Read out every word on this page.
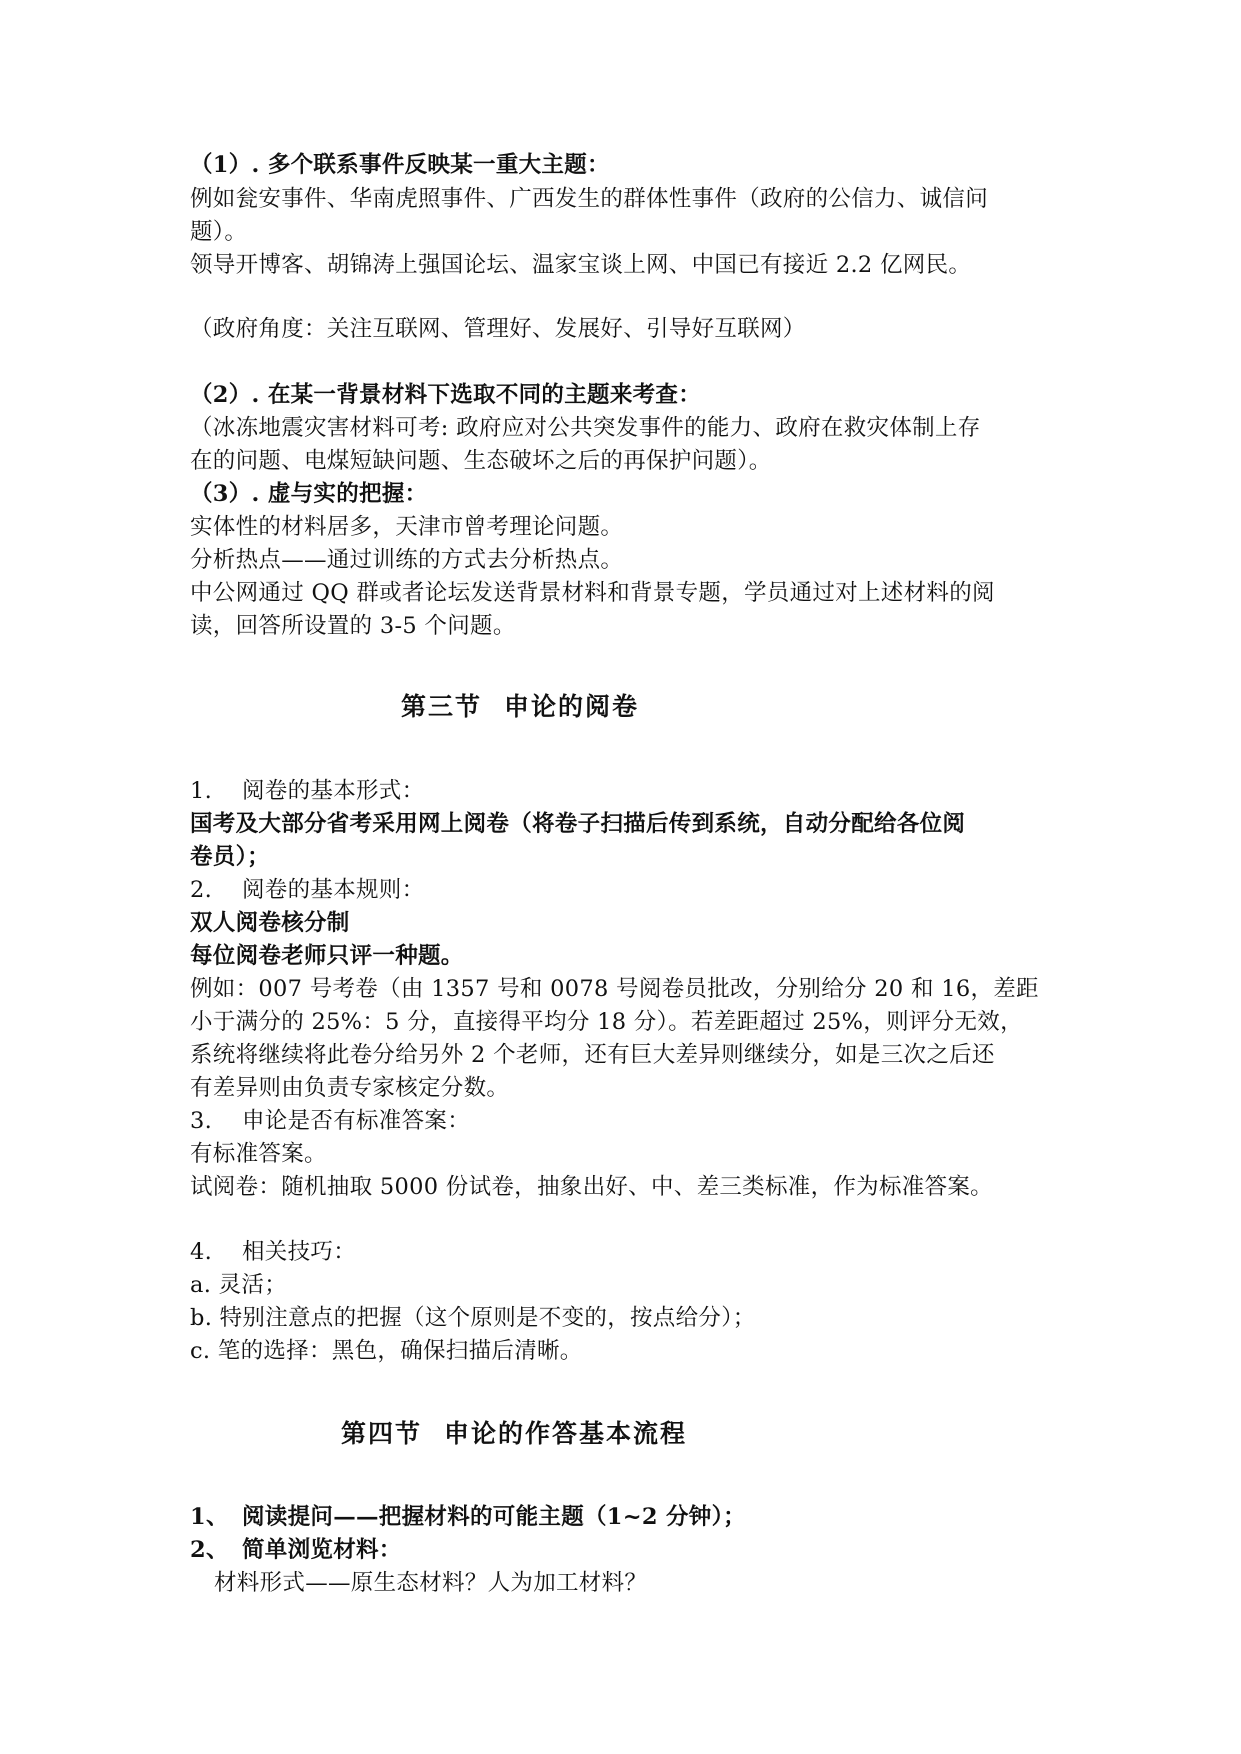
（1）. 多个联系事件反映某一重大主题：

例如瓮安事件、华南虎照事件、广西发生的群体性事件（政府的公信力、诚信问

题）。

领导开博客、胡锦涛上强国论坛、温家宝谈上网、中国已有接近 2.2 亿网民。

（政府角度：关注互联网、管理好、发展好、引导好互联网）

（2）. 在某一背景材料下选取不同的主题来考查：

（冰冻地震灾害材料可考: 政府应对公共突发事件的能力、政府在救灾体制上存

在的问题、电煤短缺问题、生态破坏之后的再保护问题）。

（3）. 虚与实的把握：

实体性的材料居多，天津市曾考理论问题。

分析热点——通过训练的方式去分析热点。

中公网通过 QQ 群或者论坛发送背景材料和背景专题，学员通过对上述材料的阅

读，回答所设置的 3-5 个问题。

第三节 申论的阅卷

1. 阅卷的基本形式：

国考及大部分省考采用网上阅卷（将卷子扫描后传到系统，自动分配给各位阅

卷员）；

2. 阅卷的基本规则：

双人阅卷核分制

每位阅卷老师只评一种题。

例如：007 号考卷（由 1357 号和 0078 号阅卷员批改，分别给分 20 和 16，差距

小于满分的 25%：5 分，直接得平均分 18 分）。若差距超过 25%，则评分无效，

系统将继续将此卷分给另外 2 个老师，还有巨大差异则继续分，如是三次之后还

有差异则由负责专家核定分数。

3. 申论是否有标准答案：

有标准答案。

试阅卷：随机抽取 5000 份试卷，抽象出好、中、差三类标准，作为标准答案。

4. 相关技巧：

a. 灵活；

b. 特别注意点的把握（这个原则是不变的，按点给分）；

c. 笔的选择：黑色，确保扫描后清晰。

第四节 申论的作答基本流程

1、 阅读提问——把握材料的可能主题（1~2 分钟）；

2、 简单浏览材料：

材料形式——原生态材料？人为加工材料？
